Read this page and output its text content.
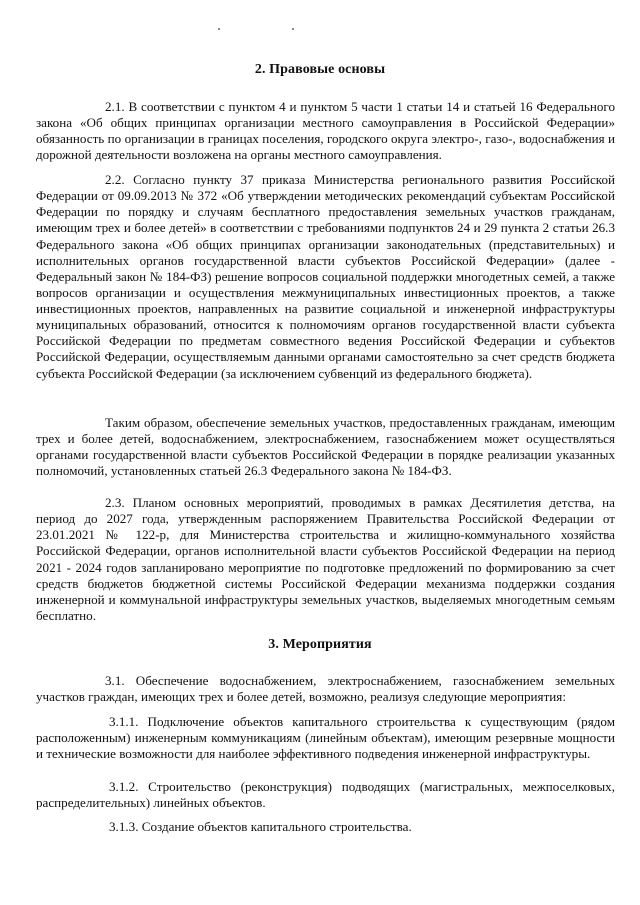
2. Правовые основы

2.1. В соответствии с пунктом 4 и пунктом 5 части 1 статьи 14 и статьей 16 Федерального закона «Об общих принципах организации местного самоуправления в Российской Федерации» обязанность по организации в границах поселения, городского округа электро-, газо-, водоснабжения и дорожной деятельности возложена на органы местного самоуправления.

2.2. Согласно пункту 37 приказа Министерства регионального развития Российской Федерации от 09.09.2013 № 372 «Об утверждении методических рекомендаций субъектам Российской Федерации по порядку и случаям бесплатного предоставления земельных участков гражданам, имеющим трех и более детей» в соответствии с требованиями подпунктов 24 и 29 пункта 2 статьи 26.3 Федерального закона «Об общих принципах организации законодательных (представительных) и исполнительных органов государственной власти субъектов Российской Федерации» (далее - Федеральный закон № 184-ФЗ) решение вопросов социальной поддержки многодетных семей, а также вопросов организации и осуществления межмуниципальных инвестиционных проектов, а также инвестиционных проектов, направленных на развитие социальной и инженерной инфраструктуры муниципальных образований, относится к полномочиям органов государственной власти субъекта Российской Федерации по предметам совместного ведения Российской Федерации и субъектов Российской Федерации, осуществляемым данными органами самостоятельно за счет средств бюджета субъекта Российской Федерации (за исключением субвенций из федерального бюджета).

Таким образом, обеспечение земельных участков, предоставленных гражданам, имеющим трех и более детей, водоснабжением, электроснабжением, газоснабжением может осуществляться органами государственной власти субъектов Российской Федерации в порядке реализации указанных полномочий, установленных статьей 26.3 Федерального закона № 184-ФЗ.

2.3. Планом основных мероприятий, проводимых в рамках Десятилетия детства, на период до 2027 года, утвержденным распоряжением Правительства Российской Федерации от 23.01.2021 № 122-р, для Министерства строительства и жилищно-коммунального хозяйства Российской Федерации, органов исполнительной власти субъектов Российской Федерации на период 2021 - 2024 годов запланировано мероприятие по подготовке предложений по формированию за счет средств бюджетов бюджетной системы Российской Федерации механизма поддержки создания инженерной и коммунальной инфраструктуры земельных участков, выделяемых многодетным семьям бесплатно.

3. Мероприятия

3.1. Обеспечение водоснабжением, электроснабжением, газоснабжением земельных участков граждан, имеющих трех и более детей, возможно, реализуя следующие мероприятия:

3.1.1. Подключение объектов капитального строительства к существующим (рядом расположенным) инженерным коммуникациям (линейным объектам), имеющим резервные мощности и технические возможности для наиболее эффективного подведения инженерной инфраструктуры.

3.1.2. Строительство (реконструкция) подводящих (магистральных, межпоселковых, распределительных) линейных объектов.

3.1.3. Создание объектов капитального строительства.
